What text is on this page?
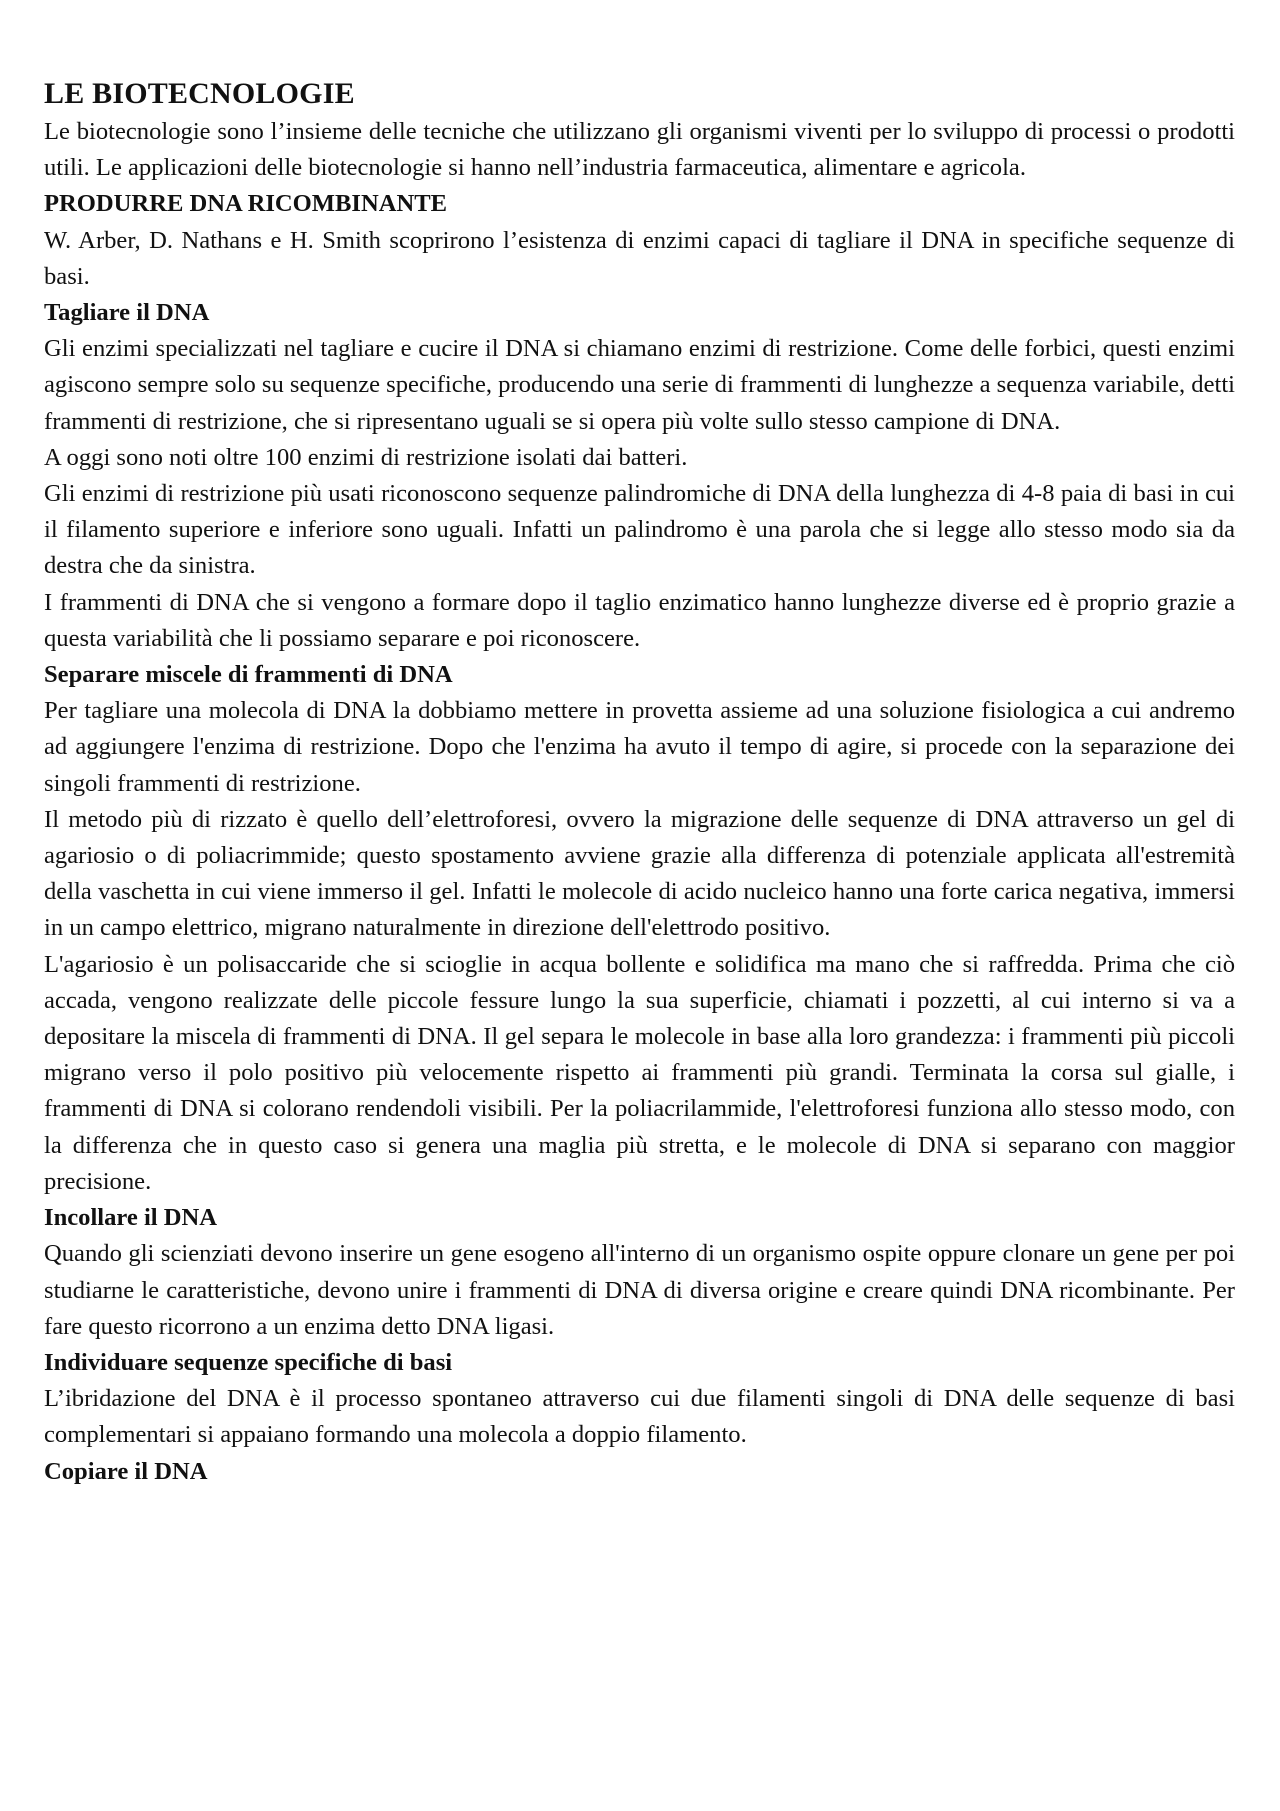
LE BIOTECNOLOGIE

Le biotecnologie sono l’insieme delle tecniche che utilizzano gli organismi viventi per lo sviluppo di processi o prodotti utili. Le applicazioni delle biotecnologie si hanno nell’industria farmaceutica, alimentare e agricola.

PRODURRE DNA RICOMBINANTE

W. Arber, D. Nathans e H. Smith scoprirono l’esistenza di enzimi capaci di tagliare il DNA in specifiche sequenze di basi.

Tagliare il DNA

Gli enzimi specializzati nel tagliare e cucire il DNA si chiamano enzimi di restrizione. Come delle forbici, questi enzimi agiscono sempre solo su sequenze specifiche, producendo una serie di frammenti di lunghezze a sequenza variabile, detti frammenti di restrizione, che si ripresentano uguali se si opera più volte sullo stesso campione di DNA.

A oggi sono noti oltre 100 enzimi di restrizione isolati dai batteri.

Gli enzimi di restrizione più usati riconoscono sequenze palindromiche di DNA della lunghezza di 4-8 paia di basi in cui il filamento superiore e inferiore sono uguali. Infatti un palindromo è una parola che si legge allo stesso modo sia da destra che da sinistra.

I frammenti di DNA che si vengono a formare dopo il taglio enzimatico hanno lunghezze diverse ed è proprio grazie a questa variabilità che li possiamo separare e poi riconoscere.

Separare miscele di frammenti di DNA

Per tagliare una molecola di DNA la dobbiamo mettere in provetta assieme ad una soluzione fisiologica a cui andremo ad aggiungere l'enzima di restrizione. Dopo che l'enzima ha avuto il tempo di agire, si procede con la separazione dei singoli frammenti di restrizione.

Il metodo più di rizzato è quello dell’elettroforesi, ovvero la migrazione delle sequenze di DNA attraverso un gel di agariosio o di poliacrimmide; questo spostamento avviene grazie alla differenza di potenziale applicata all'estremità della vaschetta in cui viene immerso il gel. Infatti le molecole di acido nucleico hanno una forte carica negativa, immersi in un campo elettrico, migrano naturalmente in direzione dell'elettrodo positivo.

L'agariosio è un polisaccaride che si scioglie in acqua bollente e solidifica ma mano che si raffredda. Prima che ciò accada, vengono realizzate delle piccole fessure lungo la sua superficie, chiamati i pozzetti, al cui interno si va a depositare la miscela di frammenti di DNA. Il gel separa le molecole in base alla loro grandezza: i frammenti più piccoli migrano verso il polo positivo più velocemente rispetto ai frammenti più grandi. Terminata la corsa sul gialle, i frammenti di DNA si colorano rendendoli visibili. Per la poliacrilammide, l'elettroforesi funziona allo stesso modo, con la differenza che in questo caso si genera una maglia più stretta, e le molecole di DNA si separano con maggior precisione.

Incollare il DNA

Quando gli scienziati devono inserire un gene esogeno all'interno di un organismo ospite oppure clonare un gene per poi studiarne le caratteristiche, devono unire i frammenti di DNA di diversa origine e creare quindi DNA ricombinante. Per fare questo ricorrono a un enzima detto DNA ligasi.

Individuare sequenze specifiche di basi

L’ibridazione del DNA è il processo spontaneo attraverso cui due filamenti singoli di DNA delle sequenze di basi complementari si appaiano formando una molecola a doppio filamento.

Copiare il DNA
